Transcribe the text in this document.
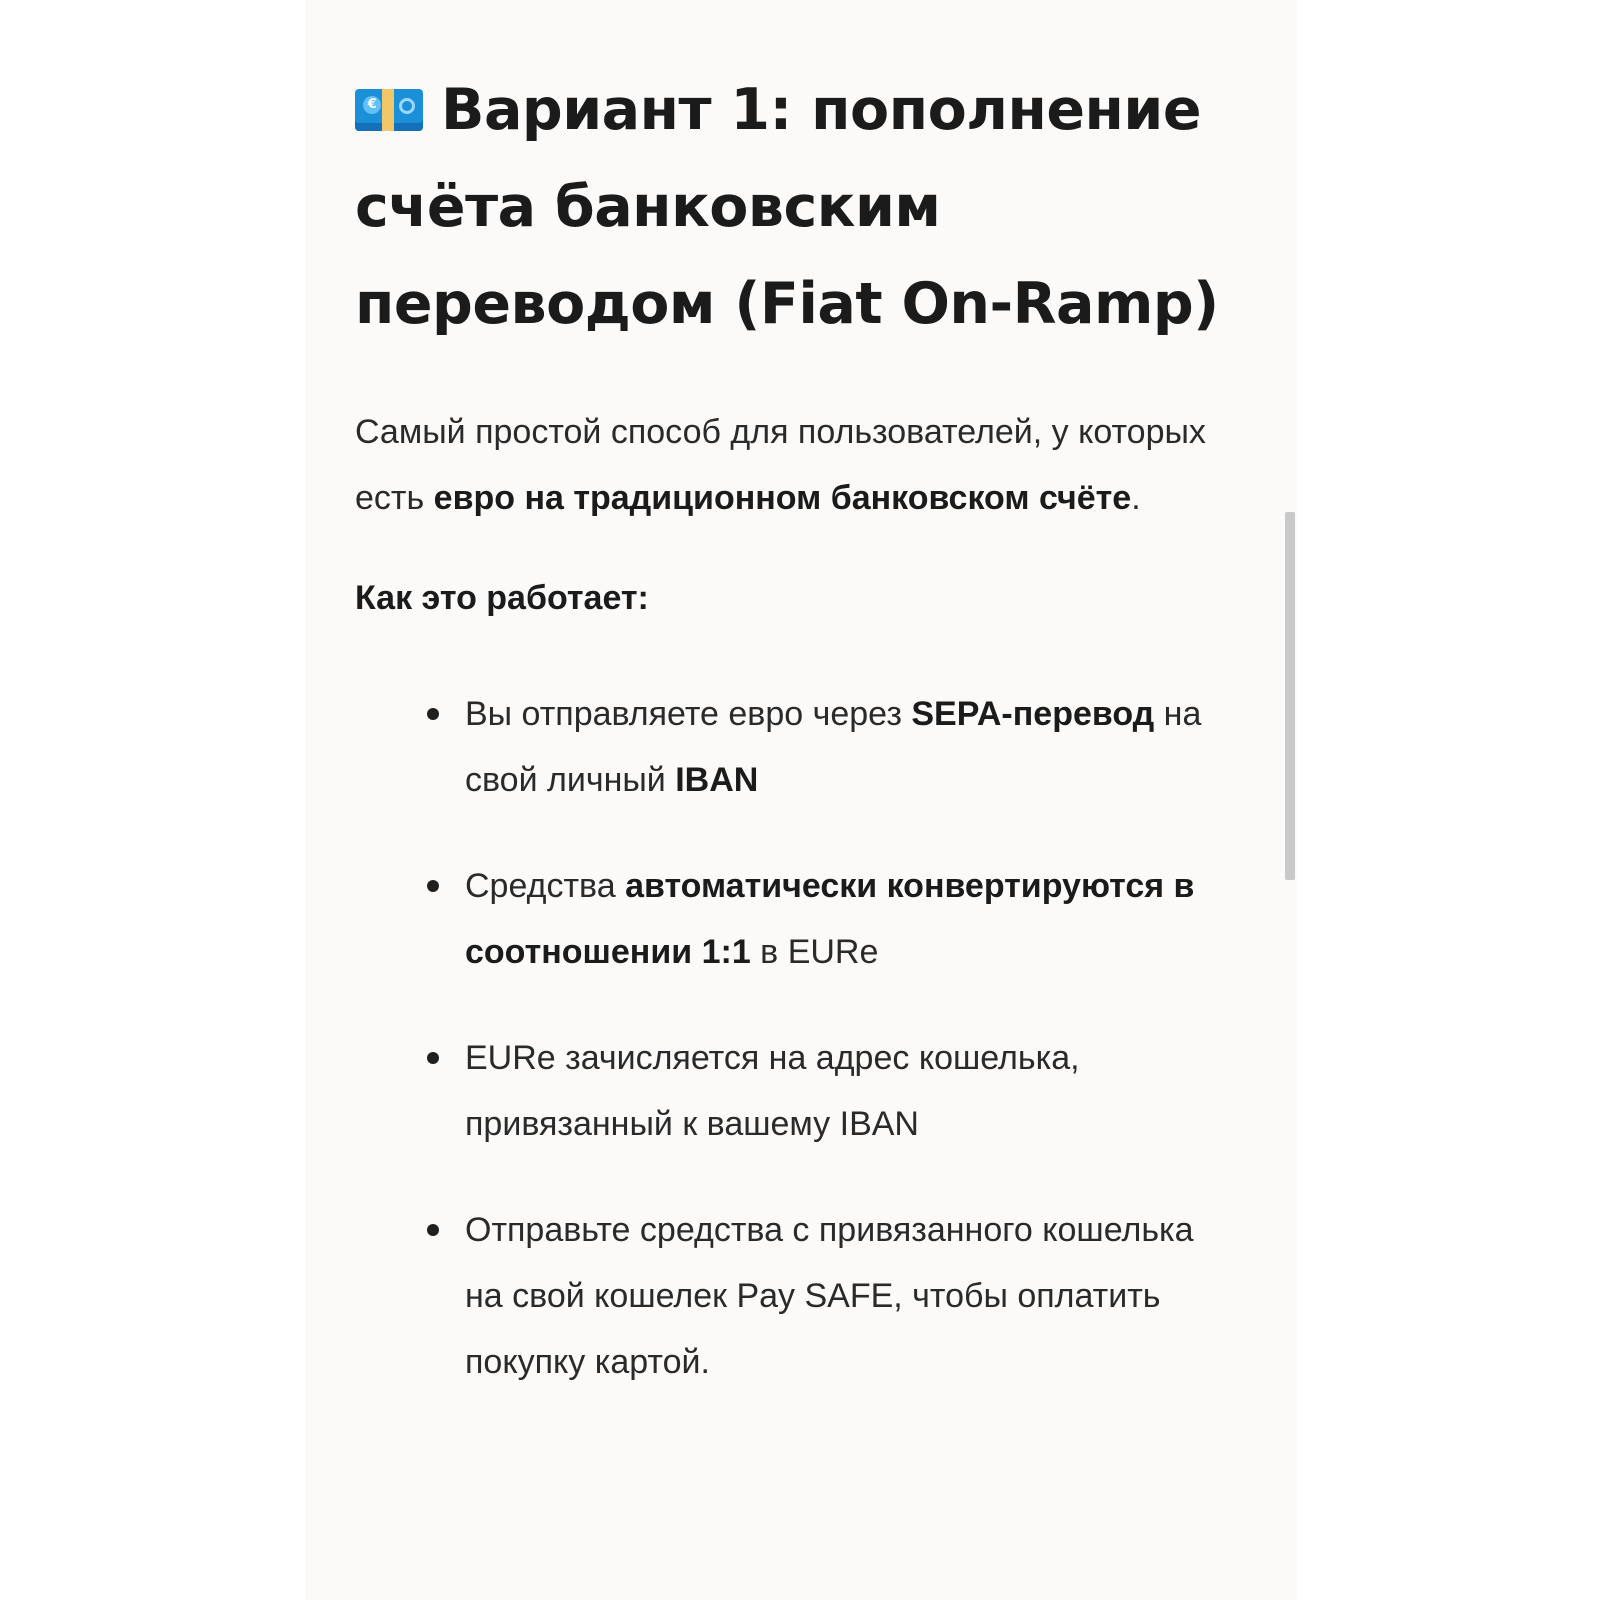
€ Вариант 1: пополнение счёта банковским переводом (Fiat On-Ramp)

Самый простой способ для пользователей, у которых есть евро на традиционном банковском счёте.

Как это работает:

Вы отправляете евро через SEPA-перевод на свой личный IBAN
Средства автоматически конвертируются в соотношении 1:1 в EURe
EURe зачисляется на адрес кошелька, привязанный к вашему IBAN
Отправьте средства с привязанного кошелька на свой кошелек Pay SAFE, чтобы оплатить покупку картой.
